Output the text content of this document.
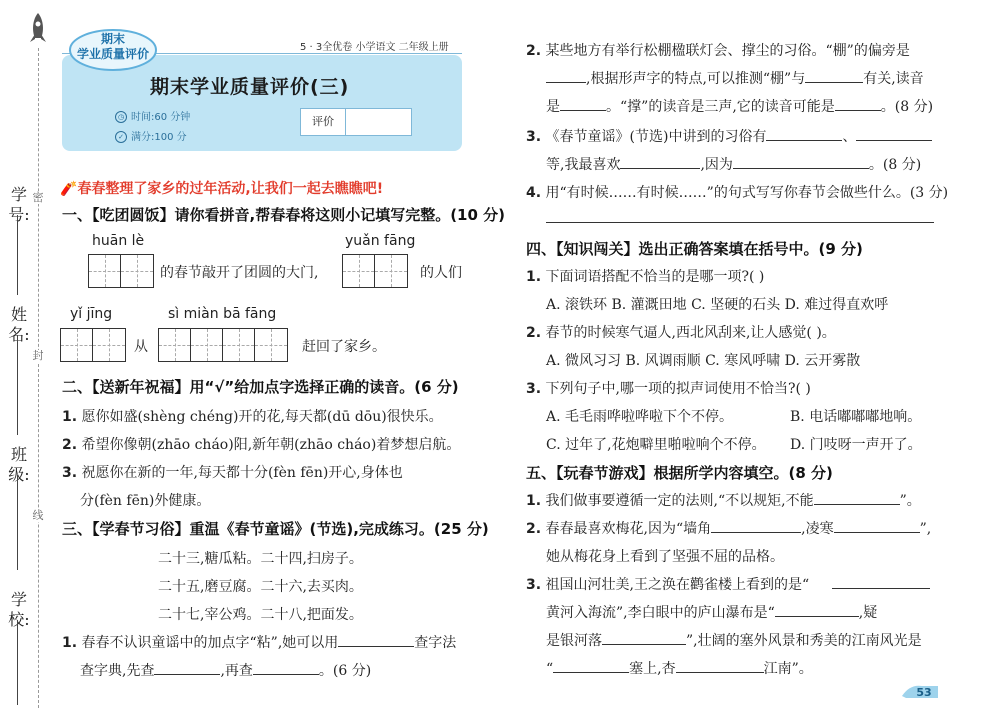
学号:
姓名:
班级:
学校:
密
封
线
5 · 3全优卷 小学语文 二年级上册
期末
学业质量评价
期末学业质量评价(三)
◷ 时间:60 分钟
✓ 满分:100 分
评价
🧨春春整理了家乡的过年活动,让我们一起去瞧瞧吧!
一、【吃团圆饭】请你看拼音,帮春春将这则小记填写完整。(10 分)
huān lè
的春节敲开了团圆的大门,
yuǎn fāng
的人们
yǐ jīng
从
sì miàn bā fāng
赶回了家乡。
二、【送新年祝福】用“√”给加点字选择正确的读音。(6 分)
1. 愿你如盛(shèng chéng)开的花,每天都(dū dōu)很快乐。
2. 希望你像朝(zhāo cháo)阳,新年朝(zhāo cháo)着梦想启航。
3. 祝愿你在新的一年,每天都十分(fèn fēn)开心,身体也
分(fèn fēn)外健康。
三、【学春节习俗】重温《春节童谣》(节选),完成练习。(25 分)
二十三,糖瓜粘。二十四,扫房子。
二十五,磨豆腐。二十六,去买肉。
二十七,宰公鸡。二十八,把面发。
1. 春春不认识童谣中的加点字“粘”,她可以用	查字法
查字典,先查	,再查	。(6 分)
2. 某些地方有举行松棚楹联灯会、撑尘的习俗。“棚”的偏旁是
,根据形声字的特点,可以推测“棚”与	有关,读音
是	。“撑”的读音是三声,它的读音可能是	。(8 分)
3. 《春节童谣》(节选)中讲到的习俗有	、
等,我最喜欢	,因为	。(8 分)
4. 用“有时候……有时候……”的句式写写你春节会做些什么。(3 分)
四、【知识闯关】选出正确答案填在括号中。(9 分)
1. 下面词语搭配不恰当的是哪一项?( )
A. 滚铁环 B. 灌溉田地 C. 坚硬的石头 D. 难过得直欢呼
2. 春节的时候寒气逼人,西北风刮来,让人感觉( )。
A. 微风习习 B. 风调雨顺 C. 寒风呼啸 D. 云开雾散
3. 下列句子中,哪一项的拟声词使用不恰当?( )
A. 毛毛雨哗啦哗啦下个不停。	B. 电话嘟嘟嘟地响。
C. 过年了,花炮噼里啪啦响个不停。 D. 门吱呀一声开了。
五、【玩春节游戏】根据所学内容填空。(8 分)
1. 我们做事要遵循一定的法则,“不以规矩,不能	”。
2. 春春最喜欢梅花,因为“墙角	,凌寒	”,
她从梅花身上看到了坚强不屈的品格。
3. 祖国山河壮美,王之涣在鹳雀楼上看到的是“
黄河入海流”,李白眼中的庐山瀑布是“	,疑
是银河落	”,壮阔的塞外风景和秀美的江南风光是
“	塞上,杏	江南”。
53
